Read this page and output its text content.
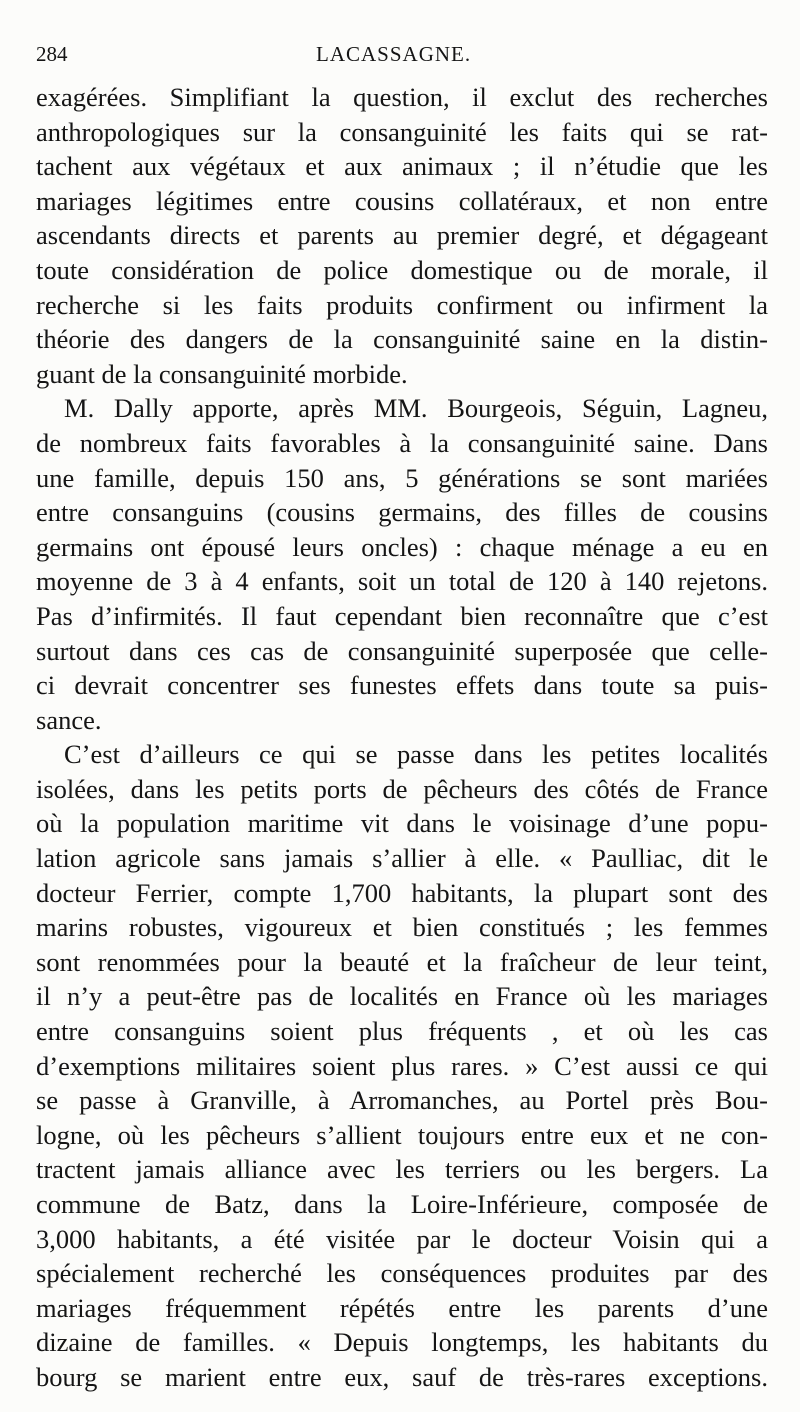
284	LACASSAGNE.
exagérées. Simplifiant la question, il exclut des recherches
anthropologiques sur la consanguinité les faits qui se rat-
tachent aux végétaux et aux animaux ; il n’étudie que les
mariages légitimes entre cousins collatéraux, et non entre
ascendants directs et parents au premier degré, et dégageant
toute considération de police domestique ou de morale, il
recherche si les faits produits confirment ou infirment la
théorie des dangers de la consanguinité saine en la distin-
guant de la consanguinité morbide.
M. Dally apporte, après MM. Bourgeois, Séguin, Lagneu,
de nombreux faits favorables à la consanguinité saine. Dans
une famille, depuis 150 ans, 5 générations se sont mariées
entre consanguins (cousins germains, des filles de cousins
germains ont épousé leurs oncles) : chaque ménage a eu en
moyenne de 3 à 4 enfants, soit un total de 120 à 140 rejetons.
Pas d’infirmités. Il faut cependant bien reconnaître que c’est
surtout dans ces cas de consanguinité superposée que celle-
ci devrait concentrer ses funestes effets dans toute sa puis-
sance.
C’est d’ailleurs ce qui se passe dans les petites localités
isolées, dans les petits ports de pêcheurs des côtés de France
où la population maritime vit dans le voisinage d’une popu-
lation agricole sans jamais s’allier à elle. « Paulliac, dit le
docteur Ferrier, compte 1,700 habitants, la plupart sont des
marins robustes, vigoureux et bien constitués ; les femmes
sont renommées pour la beauté et la fraîcheur de leur teint,
il n’y a peut-être pas de localités en France où les mariages
entre consanguins soient plus fréquents , et où les cas
d’exemptions militaires soient plus rares. » C’est aussi ce qui
se passe à Granville, à Arromanches, au Portel près Bou-
logne, où les pêcheurs s’allient toujours entre eux et ne con-
tractent jamais alliance avec les terriers ou les bergers. La
commune de Batz, dans la Loire-Inférieure, composée de
3,000 habitants, a été visitée par le docteur Voisin qui a
spécialement recherché les conséquences produites par des
mariages fréquemment répétés entre les parents d’une
dizaine de familles. « Depuis longtemps, les habitants du
bourg se marient entre eux, sauf de très-rares exceptions.
